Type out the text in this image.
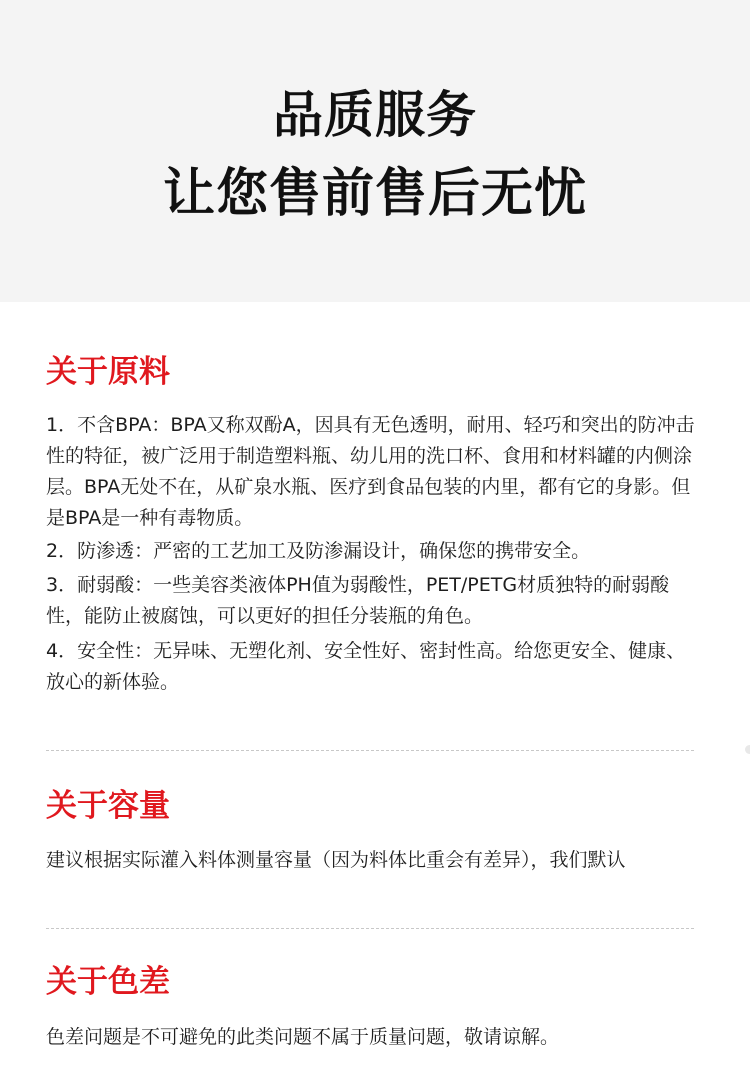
品质服务
让您售前售后无忧
关于原料
1．不含BPA：BPA又称双酚A，因具有无色透明，耐用、轻巧和突出的防冲击性的特征，被广泛用于制造塑料瓶、幼儿用的洗口杯、食用和材料罐的内侧涂层。BPA无处不在，从矿泉水瓶、医疗到食品包装的内里，都有它的身影。但是BPA是一种有毒物质。
2．防渗透：严密的工艺加工及防渗漏设计，确保您的携带安全。
3．耐弱酸：一些美容类液体PH值为弱酸性，PET/PETG材质独特的耐弱酸性，能防止被腐蚀，可以更好的担任分装瓶的角色。
4．安全性：无异味、无塑化剂、安全性好、密封性高。给您更安全、健康、放心的新体验。
关于容量
建议根据实际灌入料体测量容量（因为料体比重会有差异），我们默认
关于色差
色差问题是不可避免的此类问题不属于质量问题，敬请谅解。
